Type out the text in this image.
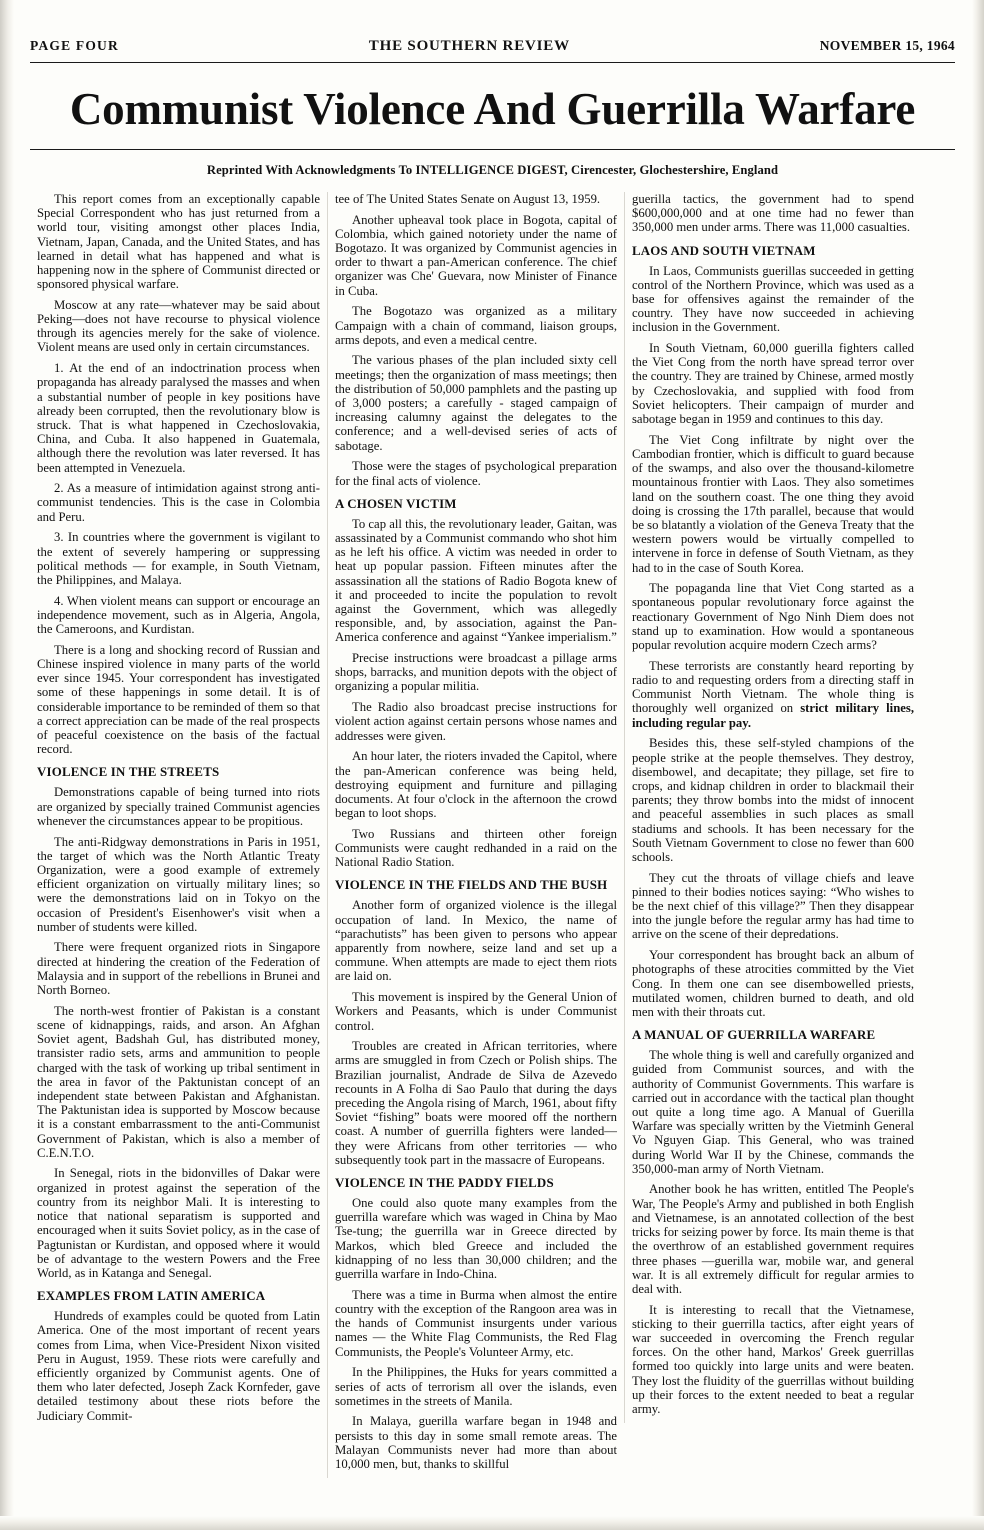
PAGE FOUR	THE SOUTHERN REVIEW	NOVEMBER 15, 1964
Communist Violence And Guerrilla Warfare
Reprinted With Acknowledgments To INTELLIGENCE DIGEST, Cirencester, Glochestershire, England

This report comes from an exceptionally capable Special Correspondent who has just returned from a world tour, visiting amongst other places India, Vietnam, Japan, Canada, and the United States, and has learned in detail what has happened and what is happening now in the sphere of Communist directed or sponsored physical warfare.

Moscow at any rate—whatever may be said about Peking—does not have recourse to physical violence through its agencies merely for the sake of violence. Violent means are used only in certain circumstances.

1. At the end of an indoctrination process when propaganda has already paralysed the masses and when a substantial number of people in key positions have already been corrupted, then the revolutionary blow is struck. That is what happened in Czechoslovakia, China, and Cuba. It also happened in Guatemala, although there the revolution was later reversed. It has been attempted in Venezuela.

2. As a measure of intimidation against strong anti-communist tendencies. This is the case in Colombia and Peru.

3. In countries where the government is vigilant to the extent of severely hampering or suppressing political methods — for example, in South Vietnam, the Philippines, and Malaya.

4. When violent means can support or encourage an independence movement, such as in Algeria, Angola, the Cameroons, and Kurdistan.

There is a long and shocking record of Russian and Chinese inspired violence in many parts of the world ever since 1945. Your correspondent has investigated some of these happenings in some detail. It is of considerable importance to be reminded of them so that a correct appreciation can be made of the real prospects of peaceful coexistence on the basis of the factual record.

VIOLENCE IN THE STREETS

Demonstrations capable of being turned into riots are organized by specially trained Communist agencies whenever the circumstances appear to be propitious.

The anti-Ridgway demonstrations in Paris in 1951, the target of which was the North Atlantic Treaty Organization, were a good example of extremely efficient organization on virtually military lines; so were the demonstrations laid on in Tokyo on the occasion of President's Eisenhower's visit when a number of students were killed.

There were frequent organized riots in Singapore directed at hindering the creation of the Federation of Malaysia and in support of the rebellions in Brunei and North Borneo.

The north-west frontier of Pakistan is a constant scene of kidnappings, raids, and arson. An Afghan Soviet agent, Badshah Gul, has distributed money, transister radio sets, arms and ammunition to people charged with the task of working up tribal sentiment in the area in favor of the Paktunistan concept of an independent state between Pakistan and Afghanistan. The Paktunistan idea is supported by Moscow because it is a constant embarrassment to the anti-Communist Government of Pakistan, which is also a member of C.E.N.T.O.

In Senegal, riots in the bidonvilles of Dakar were organized in protest against the seperation of the country from its neighbor Mali. It is interesting to notice that national separatism is supported and encouraged when it suits Soviet policy, as in the case of Pagtunistan or Kurdistan, and opposed where it would be of advantage to the western Powers and the Free World, as in Katanga and Senegal.

EXAMPLES FROM LATIN AMERICA

Hundreds of examples could be quoted from Latin America. One of the most important of recent years comes from Lima, when Vice-President Nixon visited Peru in August, 1959. These riots were carefully and efficiently organized by Communist agents. One of them who later defected, Joseph Zack Kornfeder, gave detailed testimony about these riots before the Judiciary Commit-

tee of The United States Senate on August 13, 1959.

Another upheaval took place in Bogota, capital of Colombia, which gained notoriety under the name of Bogotazo. It was organized by Communist agencies in order to thwart a pan-American conference. The chief organizer was Che' Guevara, now Minister of Finance in Cuba.

The Bogotazo was organized as a military Campaign with a chain of command, liaison groups, arms depots, and even a medical centre.

The various phases of the plan included sixty cell meetings; then the organization of mass meetings; then the distribution of 50,000 pamphlets and the pasting up of 3,000 posters; a carefully - staged campaign of increasing calumny against the delegates to the conference; and a well-devised series of acts of sabotage.

Those were the stages of psychological preparation for the final acts of violence.

A CHOSEN VICTIM

To cap all this, the revolutionary leader, Gaitan, was assassinated by a Communist commando who shot him as he left his office. A victim was needed in order to heat up popular passion. Fifteen minutes after the assassination all the stations of Radio Bogota knew of it and proceeded to incite the population to revolt against the Government, which was allegedly responsible, and, by association, against the Pan-America conference and against “Yankee imperialism.”

Precise instructions were broadcast a pillage arms shops, barracks, and munition depots with the object of organizing a popular militia.

The Radio also broadcast precise instructions for violent action against certain persons whose names and addresses were given.

An hour later, the rioters invaded the Capitol, where the pan-American conference was being held, destroying equipment and furniture and pillaging documents. At four o'clock in the afternoon the crowd began to loot shops.

Two Russians and thirteen other foreign Communists were caught redhanded in a raid on the National Radio Station.

VIOLENCE IN THE FIELDS AND THE BUSH

Another form of organized violence is the illegal occupation of land. In Mexico, the name of “parachutists” has been given to persons who appear apparently from nowhere, seize land and set up a commune. When attempts are made to eject them riots are laid on.

This movement is inspired by the General Union of Workers and Peasants, which is under Communist control.

Troubles are created in African territories, where arms are smuggled in from Czech or Polish ships. The Brazilian journalist, Andrade de Silva de Azevedo recounts in A Folha di Sao Paulo that during the days preceding the Angola rising of March, 1961, about fifty Soviet “fishing” boats were moored off the northern coast. A number of guerrilla fighters were landed—they were Africans from other territories — who subsequently took part in the massacre of Europeans.

VIOLENCE IN THE PADDY FIELDS

One could also quote many examples from the guerrilla warefare which was waged in China by Mao Tse-tung; the guerrilla war in Greece directed by Markos, which bled Greece and included the kidnapping of no less than 30,000 children; and the guerrilla warfare in Indo-China.

There was a time in Burma when almost the entire country with the exception of the Rangoon area was in the hands of Communist insurgents under various names — the White Flag Communists, the Red Flag Communists, the People's Volunteer Army, etc.

In the Philippines, the Huks for years committed a series of acts of terrorism all over the islands, even sometimes in the streets of Manila.

In Malaya, guerilla warfare began in 1948 and persists to this day in some small remote areas. The Malayan Communists never had more than about 10,000 men, but, thanks to skillful

guerilla tactics, the government had to spend $600,000,000 and at one time had no fewer than 350,000 men under arms. There was 11,000 casualties.

LAOS AND SOUTH VIETNAM

In Laos, Communists guerillas succeeded in getting control of the Northern Province, which was used as a base for offensives against the remainder of the country. They have now succeeded in achieving inclusion in the Government.

In South Vietnam, 60,000 guerilla fighters called the Viet Cong from the north have spread terror over the country. They are trained by Chinese, armed mostly by Czechoslovakia, and supplied with food from Soviet helicopters. Their campaign of murder and sabotage began in 1959 and continues to this day.

The Viet Cong infiltrate by night over the Cambodian frontier, which is difficult to guard because of the swamps, and also over the thousand-kilometre mountainous frontier with Laos. They also sometimes land on the southern coast. The one thing they avoid doing is crossing the 17th parallel, because that would be so blatantly a violation of the Geneva Treaty that the western powers would be virtually compelled to intervene in force in defense of South Vietnam, as they had to in the case of South Korea.

The popaganda line that Viet Cong started as a spontaneous popular revolutionary force against the reactionary Government of Ngo Ninh Diem does not stand up to examination. How would a spontaneous popular revolution acquire modern Czech arms?

These terrorists are constantly heard reporting by radio to and requesting orders from a directing staff in Communist North Vietnam. The whole thing is thoroughly well organized on strict military lines, including regular pay.

Besides this, these self-styled champions of the people strike at the people themselves. They destroy, disembowel, and decapitate; they pillage, set fire to crops, and kidnap children in order to blackmail their parents; they throw bombs into the midst of innocent and peaceful assemblies in such places as small stadiums and schools. It has been necessary for the South Vietnam Government to close no fewer than 600 schools.

They cut the throats of village chiefs and leave pinned to their bodies notices saying: “Who wishes to be the next chief of this village?” Then they disappear into the jungle before the regular army has had time to arrive on the scene of their depredations.

Your correspondent has brought back an album of photographs of these atrocities committed by the Viet Cong. In them one can see disembowelled priests, mutilated women, children burned to death, and old men with their throats cut.

A MANUAL OF GUERRILLA WARFARE

The whole thing is well and carefully organized and guided from Communist sources, and with the authority of Communist Governments. This warfare is carried out in accordance with the tactical plan thought out quite a long time ago. A Manual of Guerilla Warfare was specially written by the Vietminh General Vo Nguyen Giap. This General, who was trained during World War II by the Chinese, commands the 350,000-man army of North Vietnam.

Another book he has written, entitled The People's War, The People's Army and published in both English and Vietnamese, is an annotated collection of the best tricks for seizing power by force. Its main theme is that the overthrow of an established government requires three phases —guerilla war, mobile war, and general war. It is all extremely difficult for regular armies to deal with.

It is interesting to recall that the Vietnamese, sticking to their guerrilla tactics, after eight years of war succeeded in overcoming the French regular forces. On the other hand, Markos' Greek guerrillas formed too quickly into large units and were beaten. They lost the fluidity of the guerrillas without building up their forces to the extent needed to beat a regular army.
